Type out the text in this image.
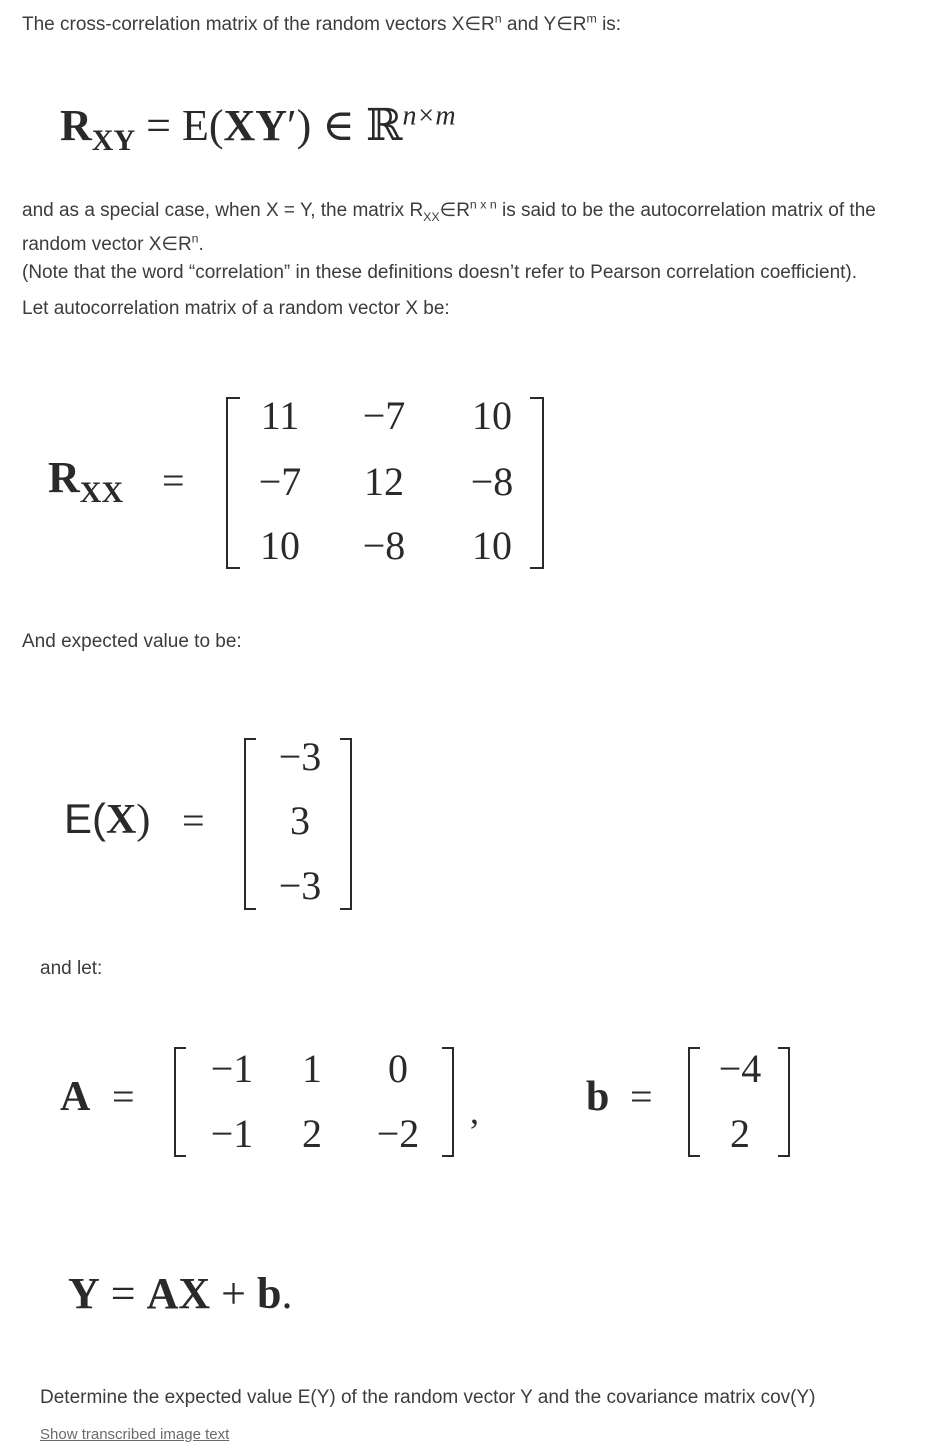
The cross-correlation matrix of the random vectors $X\in R^n$ and $Y\in R^m$ is:
$R_{XY} = E(XY')$ ∈ ℝ$^{n\times m}$
and as a special case, when X = Y, the matrix $R_{XX}\in R^{n x n}$ is said to be the autocorrelation matrix of the
random vector $X\in R^n$.
(Note that the word “correlation” in these definitions doesn’t refer to Pearson correlation coefficient).
Let autocorrelation matrix of a random vector X be:
$R_{XX}$ =
11	−7	10
−7	12	−8
10	−8	10
And expected value to be:
E(X) =
−3
3
−3
and let:
A =
−1	1	0
−1	2	−2	,	b =
−4
2
Y = AX + b.
Determine the expected value E(Y) of the random vector Y and the covariance matrix cov(Y)
Show transcribed image text
